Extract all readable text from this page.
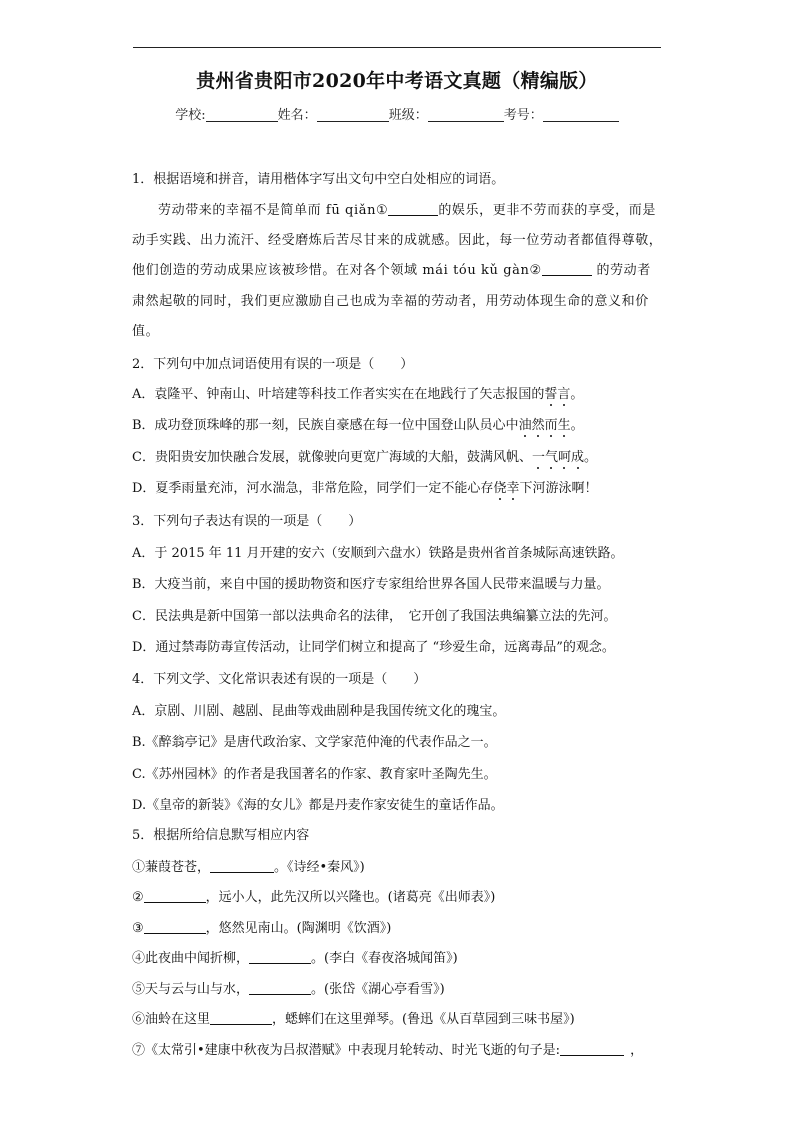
贵州省贵阳市2020年中考语文真题（精编版）
学校:	姓名：	班级：	考号：
1．根据语境和拼音，请用楷体字写出文句中空白处相应的词语。
劳动带来的幸福不是简单而 fū qiǎn①	的娱乐，更非不劳而获的享受，而是
动手实践、出力流汗、经受磨炼后苦尽甘来的成就感。因此，每一位劳动者都值得尊敬，
他们创造的劳动成果应该被珍惜。在对各个领域 mái tóu kǔ gàn②	的劳动者
肃然起敬的同时，我们更应激励自己也成为幸福的劳动者，用劳动体现生命的意义和价
值。
2．下列句中加点词语使用有误的一项是（　　）
A．袁隆平、钟南山、叶培建等科技工作者实实在在地践行了矢志报国的誓言。
B．成功登顶珠峰的那一刻，民族自豪感在每一位中国登山队员心中油然而生。
C．贵阳贵安加快融合发展，就像驶向更宽广海域的大船，鼓满风帆、一气呵成。
D．夏季雨量充沛，河水湍急，非常危险，同学们一定不能心存侥幸下河游泳啊！
3．下列句子表达有误的一项是（　　）
A．于 2015 年 11 月开建的安六（安顺到六盘水）铁路是贵州省首条城际高速铁路。
B．大疫当前，来自中国的援助物资和医疗专家组给世界各国人民带来温暖与力量。
C．民法典是新中国第一部以法典命名的法律，　它开创了我国法典编纂立法的先河。
D．通过禁毒防毒宣传活动，让同学们树立和提高了 “珍爱生命，远离毒品”的观念。
4．下列文学、文化常识表述有误的一项是（　　）
A．京剧、川剧、越剧、昆曲等戏曲剧种是我国传统文化的瑰宝。
B.《醉翁亭记》是唐代政治家、文学家范仲淹的代表作品之一。
C.《苏州园林》的作者是我国著名的作家、教育家叶圣陶先生。
D.《皇帝的新装》《海的女儿》都是丹麦作家安徒生的童话作品。
5．根据所给信息默写相应内容
①蒹葭苍苍，	。《诗经•秦风》)
②	，远小人，此先汉所以兴隆也。(诸葛亮《出师表》)
③	，悠然见南山。(陶渊明《饮酒》)
④此夜曲中闻折柳，	。(李白《春夜洛城闻笛》)
⑤天与云与山与水，	。(张岱《湖心亭看雪》)
⑥油蛉在这里	，蟋蟀们在这里弹琴。(鲁迅《从百草园到三味书屋》)
⑦《太常引•建康中秋夜为吕叔潜赋》中表现月轮转动、时光飞逝的句子是:	，
